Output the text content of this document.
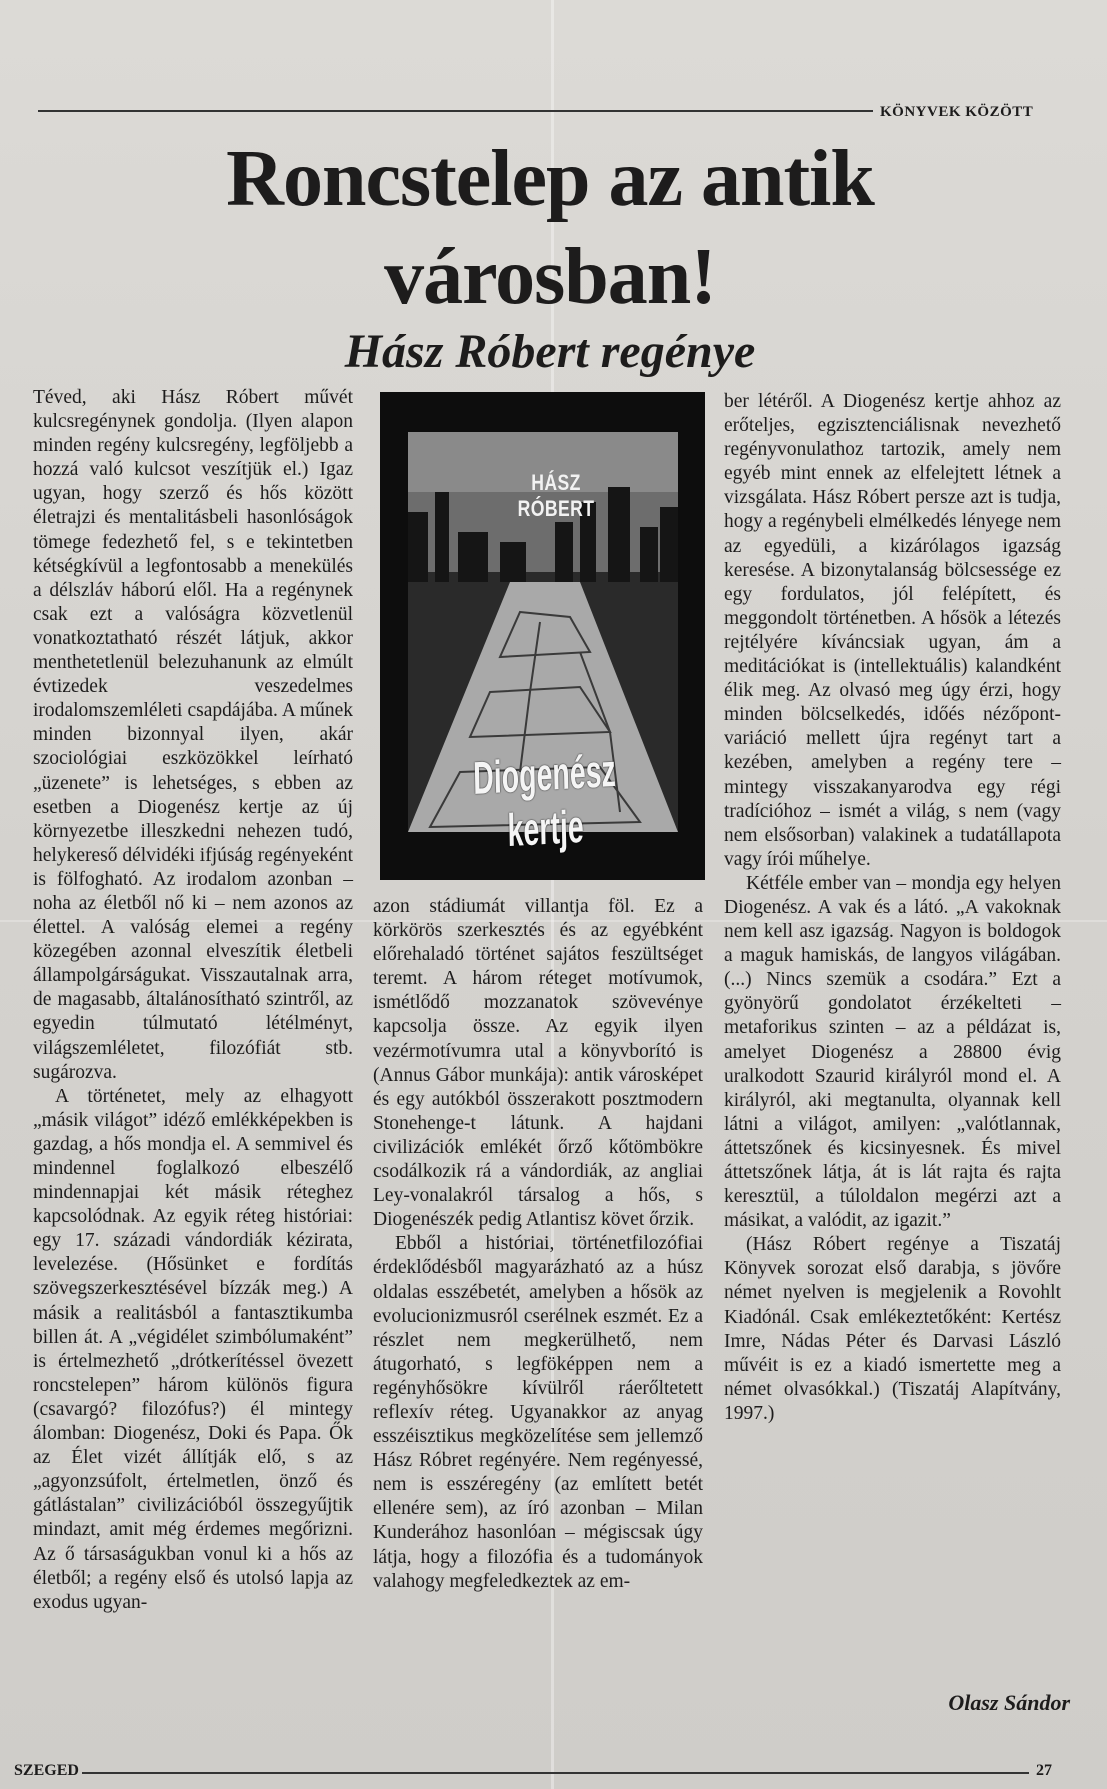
KÖNYVEK KÖZÖTT
Roncstelep az antik városban!
Hász Róbert regénye

Téved, aki Hász Róbert művét kulcsregénynek gondolja. (Ilyen alapon minden regény kulcsregény, legföljebb a hozzá való kulcsot veszítjük el.) Igaz ugyan, hogy szerző és hős között életrajzi és mentalitásbeli hasonlóságok tömege fedezhető fel, s e tekintetben kétségkívül a legfontosabb a menekülés a délszláv háború elől. Ha a regénynek csak ezt a valóságra közvetlenül vonatkoztatható részét látjuk, akkor menthetetlenül belezuhanunk az elmúlt évtizedek veszedelmes irodalomszemléleti csapdájába. A műnek minden bizonnyal ilyen, akár szociológiai eszközökkel leírható „üzenete” is lehetséges, s ebben az esetben a Diogenész kertje az új környezetbe illeszkedni nehezen tudó, helykereső délvidéki ifjúság regényeként is fölfogható. Az irodalom azonban – noha az életből nő ki – nem azonos az élettel. A valóság elemei a regény közegében azonnal elveszítik életbeli állampolgárságukat. Visszautalnak arra, de magasabb, általánosítható szintről, az egyedin túlmutató létélményt, világszemléletet, filozófiát stb. sugározva.

A történetet, mely az elhagyott „másik világot” idéző emlékképekben is gazdag, a hős mondja el. A semmivel és mindennel foglalkozó elbeszélő mindennapjai két másik réteghez kapcsolódnak. Az egyik réteg históriai: egy 17. századi vándordiák kézirata, levelezése. (Hősünket e fordítás szövegszerkesztésével bízzák meg.) A másik a realitásból a fantasztikumba billen át. A „végidélet szimbólumaként” is értelmezhető „drótkerítéssel övezett roncstelepen” három különös figura (csavargó? filozófus?) él mintegy álomban: Diogenész, Doki és Papa. Ők az Élet vizét állítják elő, s az „agyonzsúfolt, értelmetlen, önző és gátlástalan” civilizációból összegyűjtik mindazt, amit még érdemes megőrizni. Az ő társaságukban vonul ki a hős az életből; a regény első és utolsó lapja az exodus ugyan-

HÁSZ RÓBERT
Diogenész kertje

azon stádiumát villantja föl. Ez a körkörös szerkesztés és az egyébként előrehaladó történet sajátos feszültséget teremt. A három réteget motívumok, ismétlődő mozzanatok szövevénye kapcsolja össze. Az egyik ilyen vezérmotívumra utal a könyvborító is (Annus Gábor munkája): antik városképet és egy autókból összerakott posztmodern Stonehenge-t látunk. A hajdani civilizációk emlékét őrző kőtömbökre csodálkozik rá a vándordiák, az angliai Ley-vonalakról társalog a hős, s Diogenészék pedig Atlantisz követ őrzik.

Ebből a históriai, történetfilozófiai érdeklődésből magyarázható az a húsz oldalas esszébetét, amelyben a hősök az evolucionizmusról cserélnek eszmét. Ez a részlet nem megkerülhető, nem átugorható, s legföképpen nem a regényhősökre kívülről ráerőltetett reflexív réteg. Ugyanakkor az anyag esszéisztikus megközelítése sem jellemző Hász Róbret regényére. Nem regényessé, nem is esszéregény (az említett betét ellenére sem), az író azonban – Milan Kunderához hasonlóan – mégiscsak úgy látja, hogy a filozófia és a tudományok valahogy megfeledkeztek az em-

ber létéről. A Diogenész kertje ahhoz az erőteljes, egzisztenciálisnak nevezhető regényvonulathoz tartozik, amely nem egyéb mint ennek az elfelejtett létnek a vizsgálata. Hász Róbert persze azt is tudja, hogy a regénybeli elmélkedés lényege nem az egyedüli, a kizárólagos igazság keresése. A bizonytalanság bölcsessége ez egy fordulatos, jól felépített, és meggondolt történetben. A hősök a létezés rejtélyére kíváncsiak ugyan, ám a meditációkat is (intellektuális) kalandként élik meg. Az olvasó meg úgy érzi, hogy minden bölcselkedés, időés nézőpont-variáció mellett újra regényt tart a kezében, amelyben a regény tere – mintegy visszakanyarodva egy régi tradícióhoz – ismét a világ, s nem (vagy nem elsősorban) valakinek a tudatállapota vagy írói műhelye.

Kétféle ember van – mondja egy helyen Diogenész. A vak és a látó. „A vakoknak nem kell asz igazság. Nagyon is boldogok a maguk hamiskás, de langyos világában. (...) Nincs szemük a csodára.” Ezt a gyönyörű gondolatot érzékelteti – metaforikus szinten – az a példázat is, amelyet Diogenész a 28800 évig uralkodott Szaurid királyról mond el. A királyról, aki megtanulta, olyannak kell látni a világot, amilyen: „valótlannak, áttetszőnek és kicsinyesnek. És mivel áttetszőnek látja, át is lát rajta és rajta keresztül, a túloldalon megérzi azt a másikat, a valódit, az igazit.”

(Hász Róbert regénye a Tiszatáj Könyvek sorozat első darabja, s jövőre német nyelven is megjelenik a Rovohlt Kiadónál. Csak emlékeztetőként: Kertész Imre, Nádas Péter és Darvasi László művéit is ez a kiadó ismertette meg a német olvasókkal.) (Tiszatáj Alapítvány, 1997.)

Olasz Sándor
SZEGED	27
